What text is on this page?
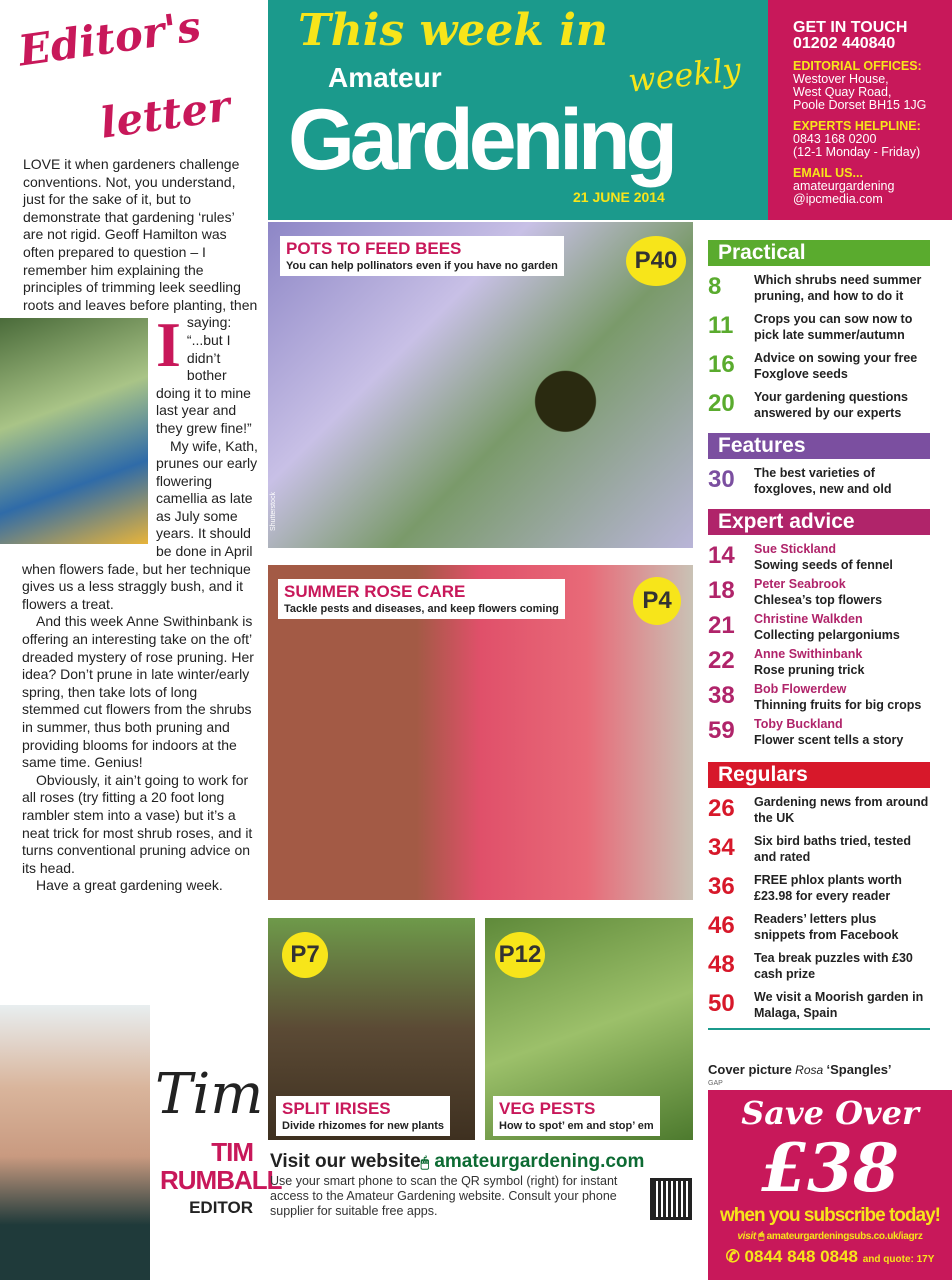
Editor's
letter

I
LOVE it when gardeners challenge conventions. Not, you understand, just for the sake of it, but to demonstrate that gardening ‘rules’ are not rigid. Geoff Hamilton was often prepared to question – I remember him explaining the principles of trimming leek seedling roots and leaves before planting, then saying: “...but I didn’t bother doing it to mine last year and they grew fine!”

My wife, Kath, prunes our early flowering camellia as late as July some years. It should be done in April when flowers fade, but her technique gives us a less straggly bush, and it flowers a treat.

And this week Anne Swithinbank is offering an interesting take on the oft’ dreaded mystery of rose pruning. Her idea? Don’t prune in late winter/early spring, then take lots of long stemmed cut flowers from the shrubs in summer, thus both pruning and providing blooms for indoors at the same time. Genius!

Obviously, it ain’t going to work for all roses (try fitting a 20 foot long rambler stem into a vase) but it’s a neat trick for most shrub roses, and it turns conventional pruning advice on its head.

Have a great gardening week.

Tim
TIM RUMBALL
EDITOR
This week in
Amateur	weekly
Gardening
21 JUNE 2014
GET IN TOUCH
01202 440840
EDITORIAL OFFICES:
Westover House,
West Quay Road,
Poole Dorset BH15 1JG
EXPERTS HELPLINE:
0843 168 0200
(12-1 Monday - Friday)
EMAIL US...
amateurgardening
@ipcmedia.com
POTS TO FEED BEES
You can help pollinators even if you have no garden	P40
Shutterstock
SUMMER ROSE CARE
Tackle pests and diseases, and keep flowers coming	P4
P7
SPLIT IRISES
Divide rhizomes for new plants
P12
VEG PESTS
How to spot’ em and stop’ em
Practical
8	Which shrubs need summer pruning, and how to do it
11	Crops you can sow now to pick late summer/autumn
16	Advice on sowing your free Foxglove seeds
20	Your gardening questions answered by our experts
Features
30	The best varieties of foxgloves, new and old
Expert advice
14	Sue Stickland
Sowing seeds of fennel
18	Peter Seabrook
Chlesea’s top flowers
21	Christine Walkden
Collecting pelargoniums
22	Anne Swithinbank
Rose pruning trick
38	Bob Flowerdew
Thinning fruits for big crops
59	Toby Buckland
Flower scent tells a story
Regulars
26	Gardening news from around the UK
34	Six bird baths tried, tested and rated
36	FREE phlox plants worth £23.98 for every reader
46	Readers’ letters plus snippets from Facebook
48	Tea break puzzles with £30 cash prize
50	We visit a Moorish garden in Malaga, Spain
Cover picture Rosa ‘Spangles’
GAP
Save Over
£38
when you subscribe today!
visit 🖱 amateurgardeningsubs.co.uk/iagrz
✆ 0844 848 0848 and quote: 17Y
Visit our website🖱 amateurgardening.com

Use your smart phone to scan the QR symbol (right) for instant access to the Amateur Gardening website. Consult your phone supplier for suitable free apps.
